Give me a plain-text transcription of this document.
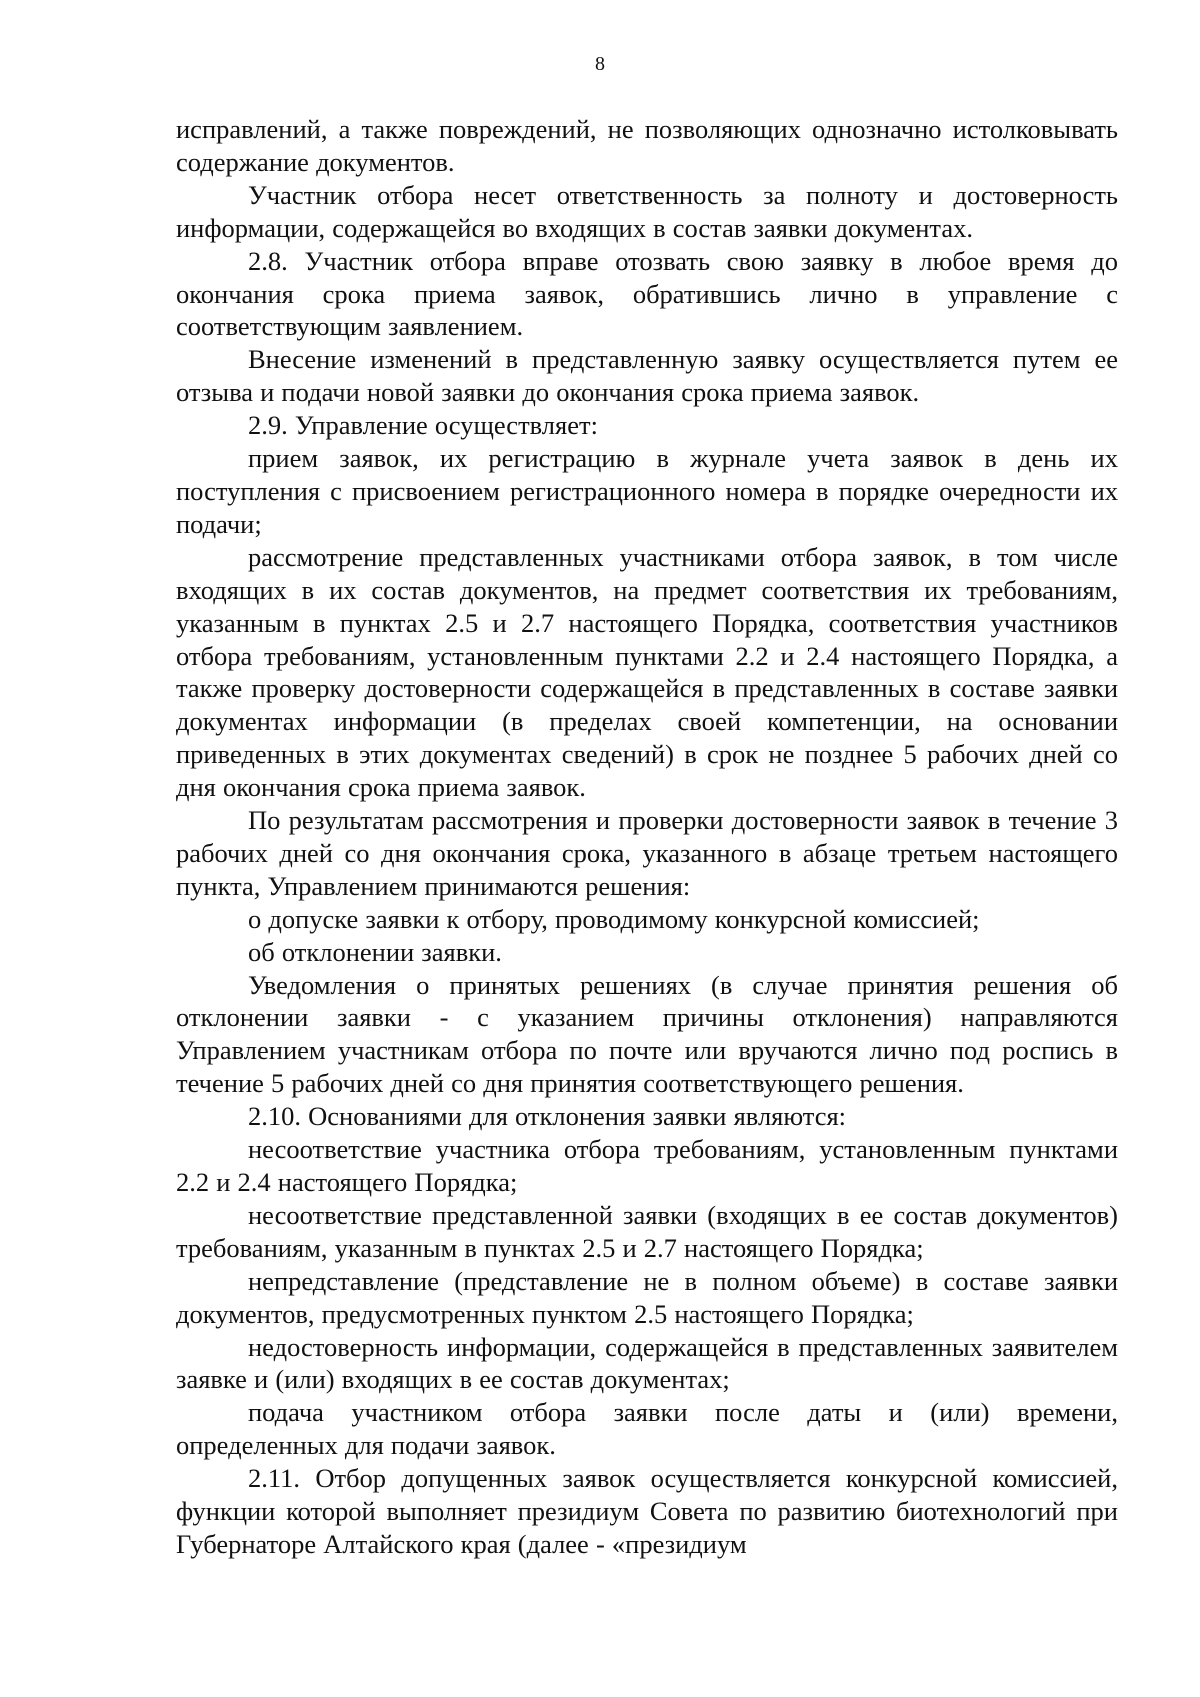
8

исправлений, а также повреждений, не позволяющих однозначно истолковывать содержание документов.

Участник отбора несет ответственность за полноту и достоверность информации, содержащейся во входящих в состав заявки документах.

2.8. Участник отбора вправе отозвать свою заявку в любое время до окончания срока приема заявок, обратившись лично в управление с соответствующим заявлением.

Внесение изменений в представленную заявку осуществляется путем ее отзыва и подачи новой заявки до окончания срока приема заявок.

2.9. Управление осуществляет:

прием заявок, их регистрацию в журнале учета заявок в день их поступления с присвоением регистрационного номера в порядке очередности их подачи;

рассмотрение представленных участниками отбора заявок, в том числе входящих в их состав документов, на предмет соответствия их требованиям, указанным в пунктах 2.5 и 2.7 настоящего Порядка, соответствия участников отбора требованиям, установленным пунктами 2.2 и 2.4 настоящего Порядка, а также проверку достоверности содержащейся в представленных в составе заявки документах информации (в пределах своей компетенции, на основании приведенных в этих документах сведений) в срок не позднее 5 рабочих дней со дня окончания срока приема заявок.

По результатам рассмотрения и проверки достоверности заявок в течение 3 рабочих дней со дня окончания срока, указанного в абзаце третьем настоящего пункта, Управлением принимаются решения:

о допуске заявки к отбору, проводимому конкурсной комиссией;

об отклонении заявки.

Уведомления о принятых решениях (в случае принятия решения об отклонении заявки - с указанием причины отклонения) направляются Управлением участникам отбора по почте или вручаются лично под роспись в течение 5 рабочих дней со дня принятия соответствующего решения.

2.10. Основаниями для отклонения заявки являются:

несоответствие участника отбора требованиям, установленным пунктами 2.2 и 2.4 настоящего Порядка;

несоответствие представленной заявки (входящих в ее состав документов) требованиям, указанным в пунктах 2.5 и 2.7 настоящего Порядка;

непредставление (представление не в полном объеме) в составе заявки документов, предусмотренных пунктом 2.5 настоящего Порядка;

недостоверность информации, содержащейся в представленных заявителем заявке и (или) входящих в ее состав документах;

подача участником отбора заявки после даты и (или) времени, определенных для подачи заявок.

2.11. Отбор допущенных заявок осуществляется конкурсной комиссией, функции которой выполняет президиум Совета по развитию биотехнологий при Губернаторе Алтайского края (далее - «президиум
